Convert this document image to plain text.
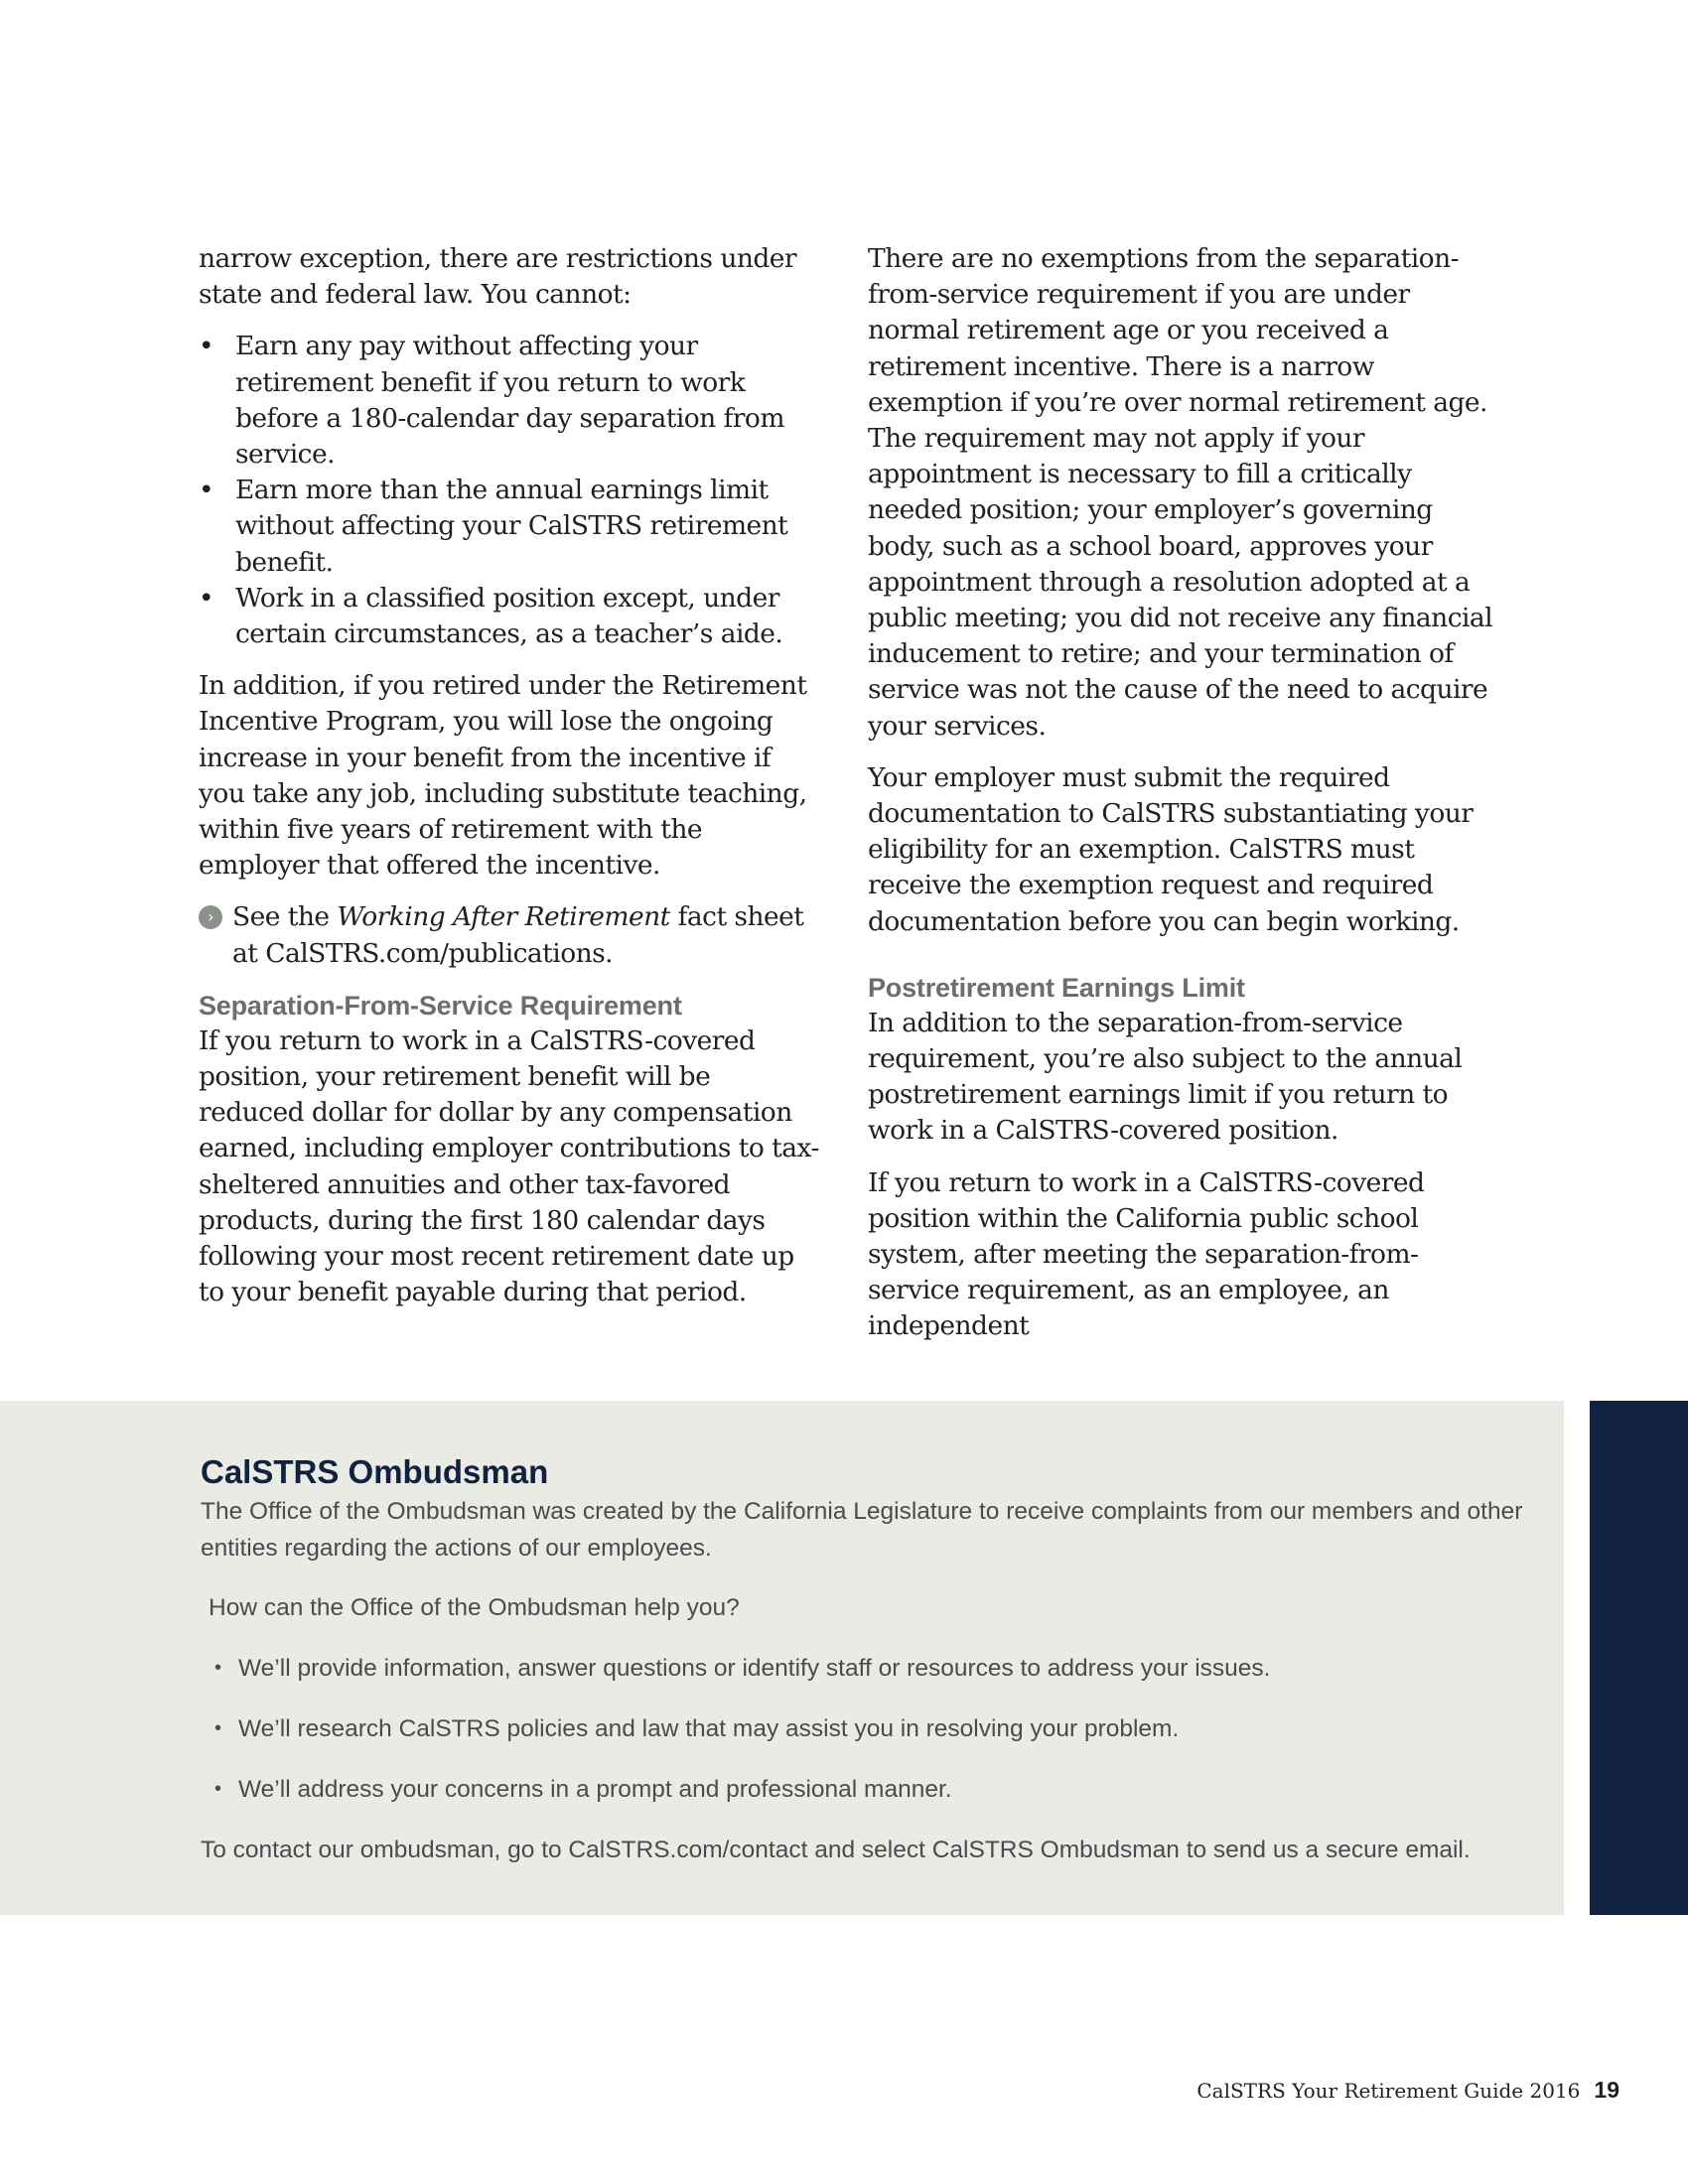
narrow exception, there are restrictions under state and federal law. You cannot:

• Earn any pay without affecting your retirement benefit if you return to work before a 180-calendar day separation from service.
• Earn more than the annual earnings limit without affecting your CalSTRS retirement benefit.
• Work in a classified position except, under certain circumstances, as a teacher’s aide.

In addition, if you retired under the Retirement Incentive Program, you will lose the ongoing increase in your benefit from the incentive if you take any job, including substitute teaching, within five years of retirement with the employer that offered the incentive.

› See the Working After Retirement fact sheet at CalSTRS.com/publications.

Separation-From-Service Requirement

If you return to work in a CalSTRS-covered position, your retirement benefit will be reduced dollar for dollar by any compensation earned, including employer contributions to tax-sheltered annuities and other tax-favored products, during the first 180 calendar days following your most recent retirement date up to your benefit payable during that period.

There are no exemptions from the separation-from-service requirement if you are under normal retirement age or you received a retirement incentive. There is a narrow exemption if you’re over normal retirement age. The requirement may not apply if your appointment is necessary to fill a critically needed position; your employer’s governing body, such as a school board, approves your appointment through a resolution adopted at a public meeting; you did not receive any financial inducement to retire; and your termination of service was not the cause of the need to acquire your services.

Your employer must submit the required documentation to CalSTRS substantiating your eligibility for an exemption. CalSTRS must receive the exemption request and required documentation before you can begin working.

Postretirement Earnings Limit

In addition to the separation-from-service requirement, you’re also subject to the annual postretirement earnings limit if you return to work in a CalSTRS-covered position.

If you return to work in a CalSTRS-covered position within the California public school system, after meeting the separation-from-service requirement, as an employee, an independent

CalSTRS Ombudsman

The Office of the Ombudsman was created by the California Legislature to receive complaints from our members and other entities regarding the actions of our employees.

How can the Office of the Ombudsman help you?

• We’ll provide information, answer questions or identify staff or resources to address your issues.
• We’ll research CalSTRS policies and law that may assist you in resolving your problem.
• We’ll address your concerns in a prompt and professional manner.

To contact our ombudsman, go to CalSTRS.com/contact and select CalSTRS Ombudsman to send us a secure email.

CalSTRS Your Retirement Guide 2016 19
